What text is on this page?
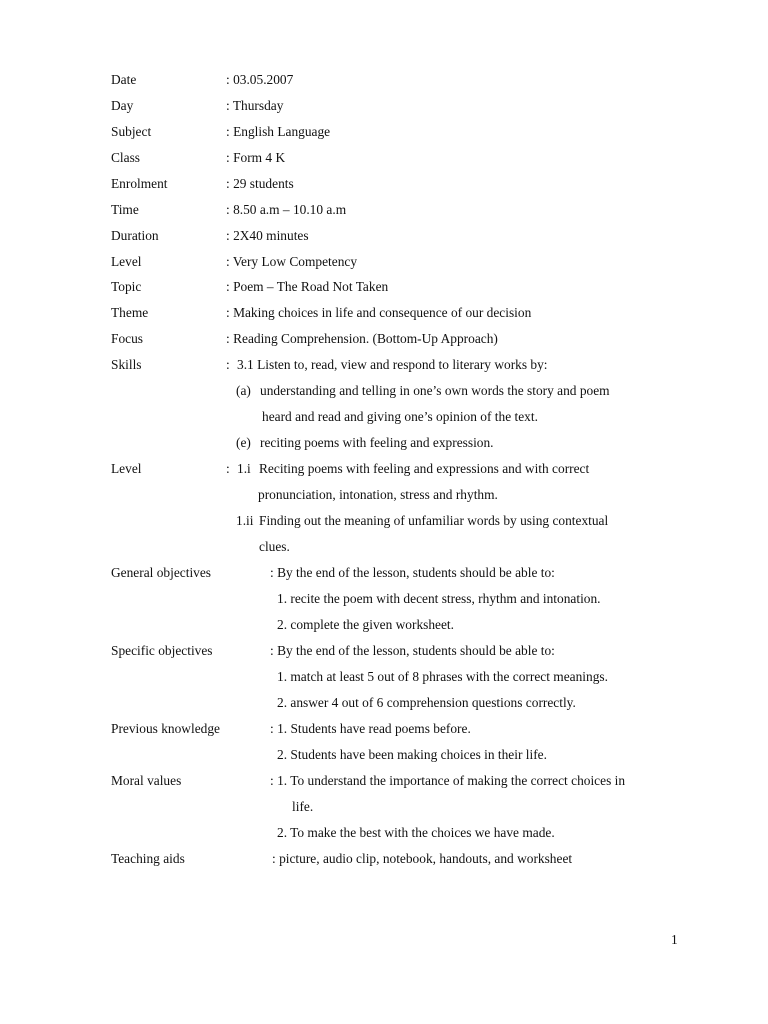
Date	: 03.05.2007
Day	: Thursday
Subject	: English Language
Class	: Form 4 K
Enrolment	: 29 students
Time	: 8.50 a.m – 10.10 a.m
Duration	: 2X40 minutes
Level	: Very Low Competency
Topic	: Poem – The Road Not Taken
Theme	: Making choices in life and consequence of our decision
Focus	: Reading Comprehension. (Bottom-Up Approach)
Skills	: 3.1 Listen to, read, view and respond to literary works by:
(a) understanding and telling in one’s own words the story and poem
heard and read and giving one’s opinion of the text.
(e) reciting poems with feeling and expression.
Level	: 1.i Reciting poems with feeling and expressions and with correct
pronunciation, intonation, stress and rhythm.
1.ii Finding out the meaning of unfamiliar words by using contextual
clues.
General objectives	: By the end of the lesson, students should be able to:
1. recite the poem with decent stress, rhythm and intonation.
2. complete the given worksheet.
Specific objectives	: By the end of the lesson, students should be able to:
1. match at least 5 out of 8 phrases with the correct meanings.
2. answer 4 out of 6 comprehension questions correctly.
Previous knowledge	: 1. Students have read poems before.
2. Students have been making choices in their life.
Moral values	: 1. To understand the importance of making the correct choices in
life.
2. To make the best with the choices we have made.
Teaching aids	: picture, audio clip, notebook, handouts, and worksheet
1
